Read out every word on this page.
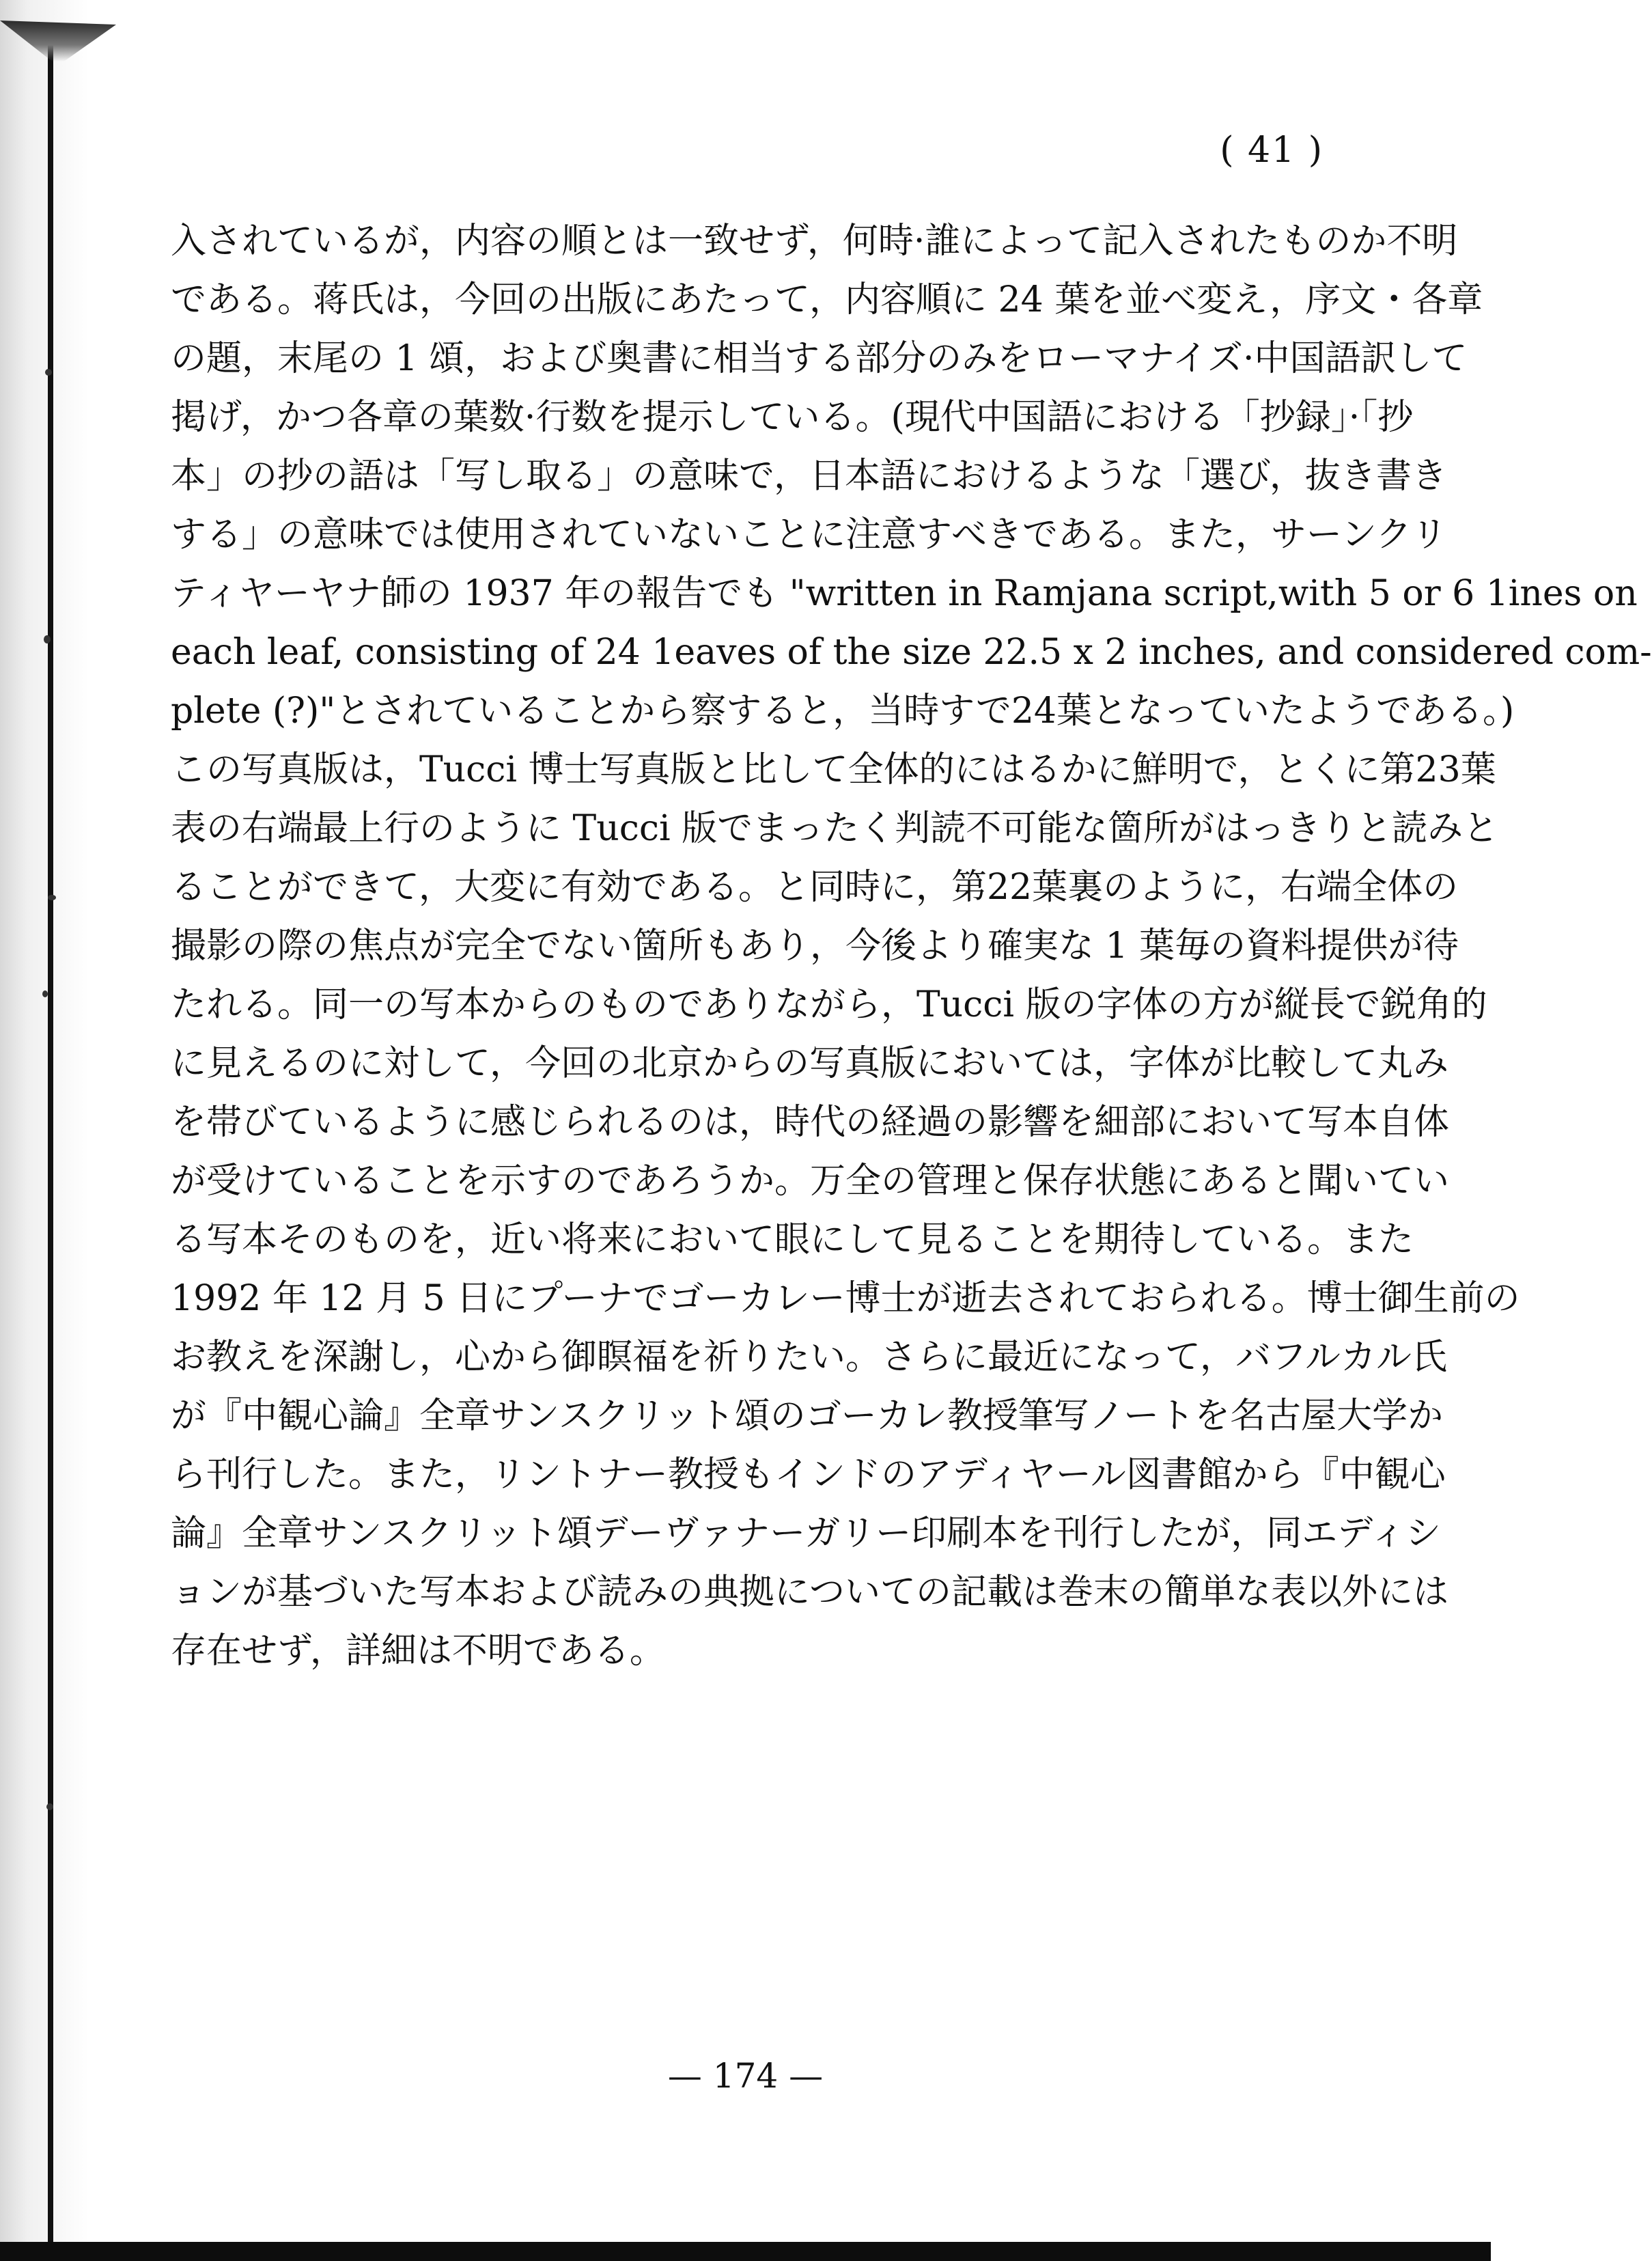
( 41 )
入されているが，内容の順とは一致せず，何時·誰によって記入されたものか不明
である。蒋氏は，今回の出版にあたって，内容順に 24 葉を並べ変え，序文・各章
の題，末尾の 1 頌，および奥書に相当する部分のみをローマナイズ·中国語訳して
掲げ，かつ各章の葉数·行数を提示している。(現代中国語における「抄録」·「抄
本」の抄の語は「写し取る」の意味で，日本語におけるような「選び，抜き書き
する」の意味では使用されていないことに注意すべきである。また，サーンクリ
ティヤーヤナ師の 1937 年の報告でも "written in Ramjana script,with 5 or 6 1ines on
each leaf, consisting of 24 1eaves of the size 22.5 x 2 inches, and considered com-
plete (?)"とされていることから察すると，当時すで24葉となっていたようである。)
この写真版は，Tucci 博士写真版と比して全体的にはるかに鮮明で，とくに第23葉
表の右端最上行のように Tucci 版でまったく判読不可能な箇所がはっきりと読みと
ることができて，大変に有効である。と同時に，第22葉裏のように，右端全体の
撮影の際の焦点が完全でない箇所もあり，今後より確実な 1 葉毎の資料提供が待
たれる。同一の写本からのものでありながら，Tucci 版の字体の方が縦長で鋭角的
に見えるのに対して，今回の北京からの写真版においては，字体が比較して丸み
を帯びているように感じられるのは，時代の経過の影響を細部において写本自体
が受けていることを示すのであろうか。万全の管理と保存状態にあると聞いてい
る写本そのものを，近い将来において眼にして見ることを期待している。また
1992 年 12 月 5 日にプーナでゴーカレー博士が逝去されておられる。博士御生前の
お教えを深謝し，心から御瞑福を祈りたい。さらに最近になって，バフルカル氏
が『中観心論』全章サンスクリット頌のゴーカレ教授筆写ノートを名古屋大学か
ら刊行した。また，リントナー教授もインドのアディヤール図書館から『中観心
論』全章サンスクリット頌デーヴァナーガリー印刷本を刊行したが，同エディシ
ョンが基づいた写本および読みの典拠についての記載は巻末の簡単な表以外には
存在せず，詳細は不明である。
— 174 —
